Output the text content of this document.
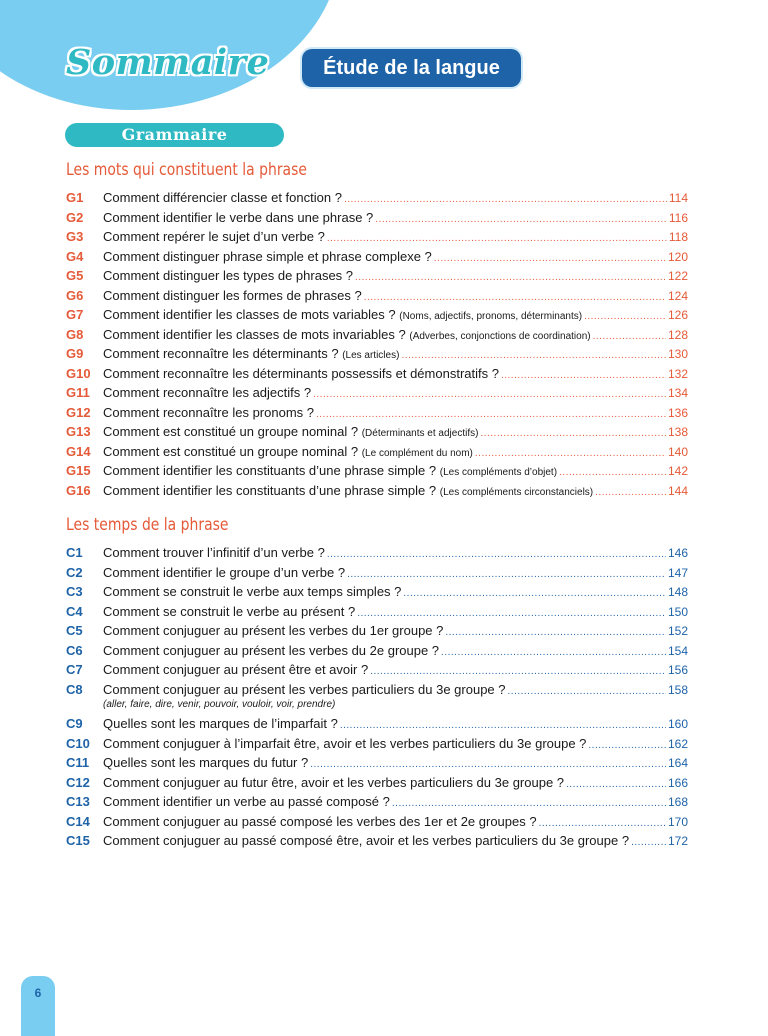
Sommaire	Étude de la langue
Grammaire
Les mots qui constituent la phrase
G1	Comment différencier classe et fonction ? .....	114
G2	Comment identifier le verbe dans une phrase ? .....	116
G3	Comment repérer le sujet d’un verbe ? .....	118
G4	Comment distinguer phrase simple et phrase complexe ? .....	120
G5	Comment distinguer les types de phrases ? .....	122
G6	Comment distinguer les formes de phrases ? .....	124
G7	Comment identifier les classes de mots variables ? (Noms, adjectifs, pronoms, déterminants) .....	126
G8	Comment identifier les classes de mots invariables ? (Adverbes, conjonctions de coordination) .....	128
G9	Comment reconnaître les déterminants ? (Les articles) .....	130
G10 Comment reconnaître les déterminants possessifs et démonstratifs ? .....	132
G11	Comment reconnaître les adjectifs ? .....	134
G12 Comment reconnaître les pronoms ? .....	136
G13 Comment est constitué un groupe nominal ? (Déterminants et adjectifs) .....	138
G14 Comment est constitué un groupe nominal ? (Le complément du nom) .....	140
G15 Comment identifier les constituants d’une phrase simple ? (Les compléments d’objet) .....	142
G16 Comment identifier les constituants d’une phrase simple ? (Les compléments circonstanciels) .....	144
Les temps de la phrase
C1	Comment trouver l’infinitif d’un verbe ? .....	146
C2	Comment identifier le groupe d’un verbe ? .....	147
C3	Comment se construit le verbe aux temps simples ? .....	148
C4	Comment se construit le verbe au présent ? .....	150
C5	Comment conjuguer au présent les verbes du 1er groupe ? .....	152
C6	Comment conjuguer au présent les verbes du 2e groupe ? .....	154
C7	Comment conjuguer au présent être et avoir ? .....	156
C8	Comment conjuguer au présent les verbes particuliers du 3e groupe ? .....	158
(aller, faire, dire, venir, pouvoir, vouloir, voir, prendre)
C9	Quelles sont les marques de l’imparfait ? .....	160
C10	Comment conjuguer à l’imparfait être, avoir et les verbes particuliers du 3e groupe ? .....	162
C11	Quelles sont les marques du futur ? .....	164
C12	Comment conjuguer au futur être, avoir et les verbes particuliers du 3e groupe ? .....	166
C13	Comment identifier un verbe au passé composé ? .....	168
C14	Comment conjuguer au passé composé les verbes des 1er et 2e groupes ? .....	170
C15	Comment conjuguer au passé composé être, avoir et les verbes particuliers du 3e groupe ? .....	172
6
